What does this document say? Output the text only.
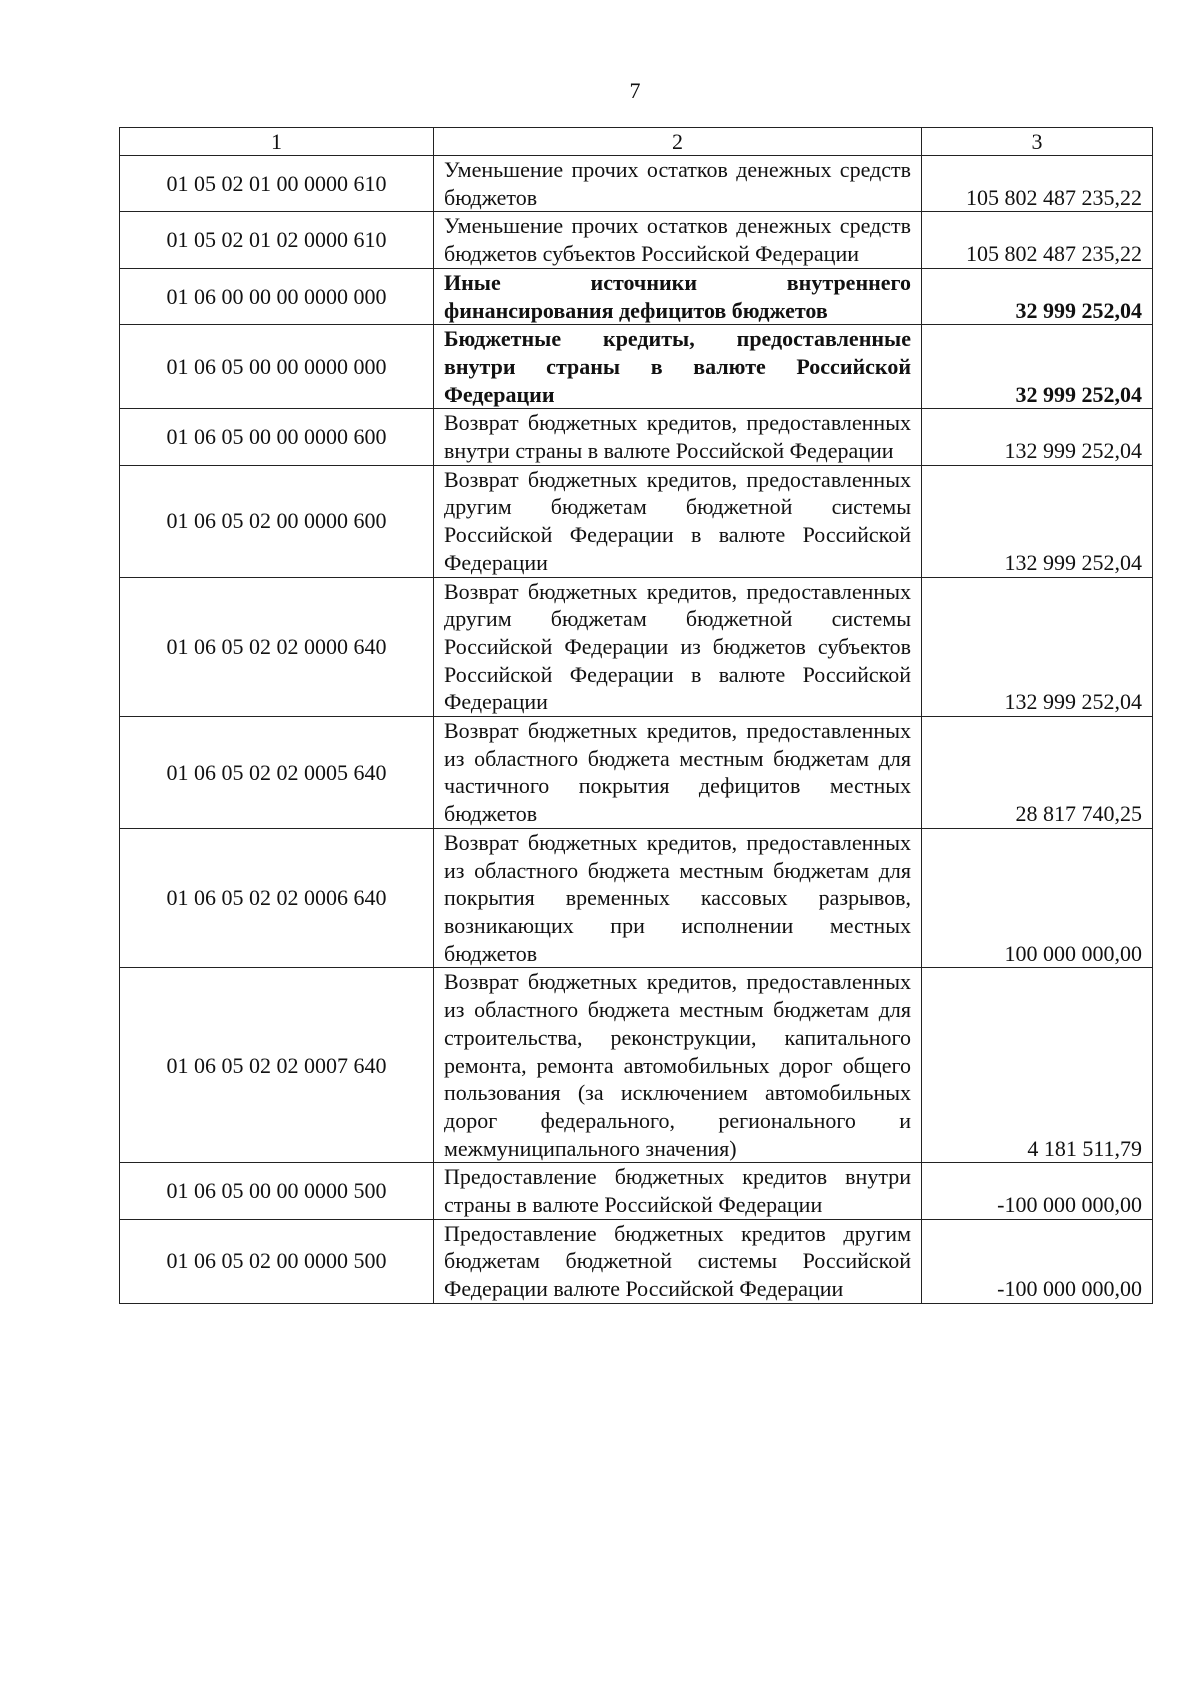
7
1	2	3
01 05 02 01 00 0000 610	Уменьшение прочих остатков денежных средств бюджетов	105 802 487 235,22
01 05 02 01 02 0000 610	Уменьшение прочих остатков денежных средств бюджетов субъектов Российской Федерации	105 802 487 235,22
01 06 00 00 00 0000 000	Иные источники внутреннего финансирования дефицитов бюджетов	32 999 252,04
01 06 05 00 00 0000 000	Бюджетные кредиты, предоставленные внутри страны в валюте Российской Федерации	32 999 252,04
01 06 05 00 00 0000 600	Возврат бюджетных кредитов, предоставленных внутри страны в валюте Российской Федерации	132 999 252,04
01 06 05 02 00 0000 600	Возврат бюджетных кредитов, предоставленных другим бюджетам бюджетной системы Российской Федерации в валюте Российской Федерации	132 999 252,04
01 06 05 02 02 0000 640	Возврат бюджетных кредитов, предоставленных другим бюджетам бюджетной системы Российской Федерации из бюджетов субъектов Российской Федерации в валюте Российской Федерации	132 999 252,04
01 06 05 02 02 0005 640	Возврат бюджетных кредитов, предоставленных из областного бюджета местным бюджетам для частичного покрытия дефицитов местных бюджетов	28 817 740,25
01 06 05 02 02 0006 640	Возврат бюджетных кредитов, предоставленных из областного бюджета местным бюджетам для покрытия временных кассовых разрывов, возникающих при исполнении местных бюджетов	100 000 000,00
01 06 05 02 02 0007 640	Возврат бюджетных кредитов, предоставленных из областного бюджета местным бюджетам для строительства, реконструкции, капитального ремонта, ремонта автомобильных дорог общего пользования (за исключением автомобильных дорог федерального, регионального и межмуниципального значения)	4 181 511,79
01 06 05 00 00 0000 500	Предоставление бюджетных кредитов внутри страны в валюте Российской Федерации	-100 000 000,00
01 06 05 02 00 0000 500	Предоставление бюджетных кредитов другим бюджетам бюджетной системы Российской Федерации валюте Российской Федерации	-100 000 000,00
